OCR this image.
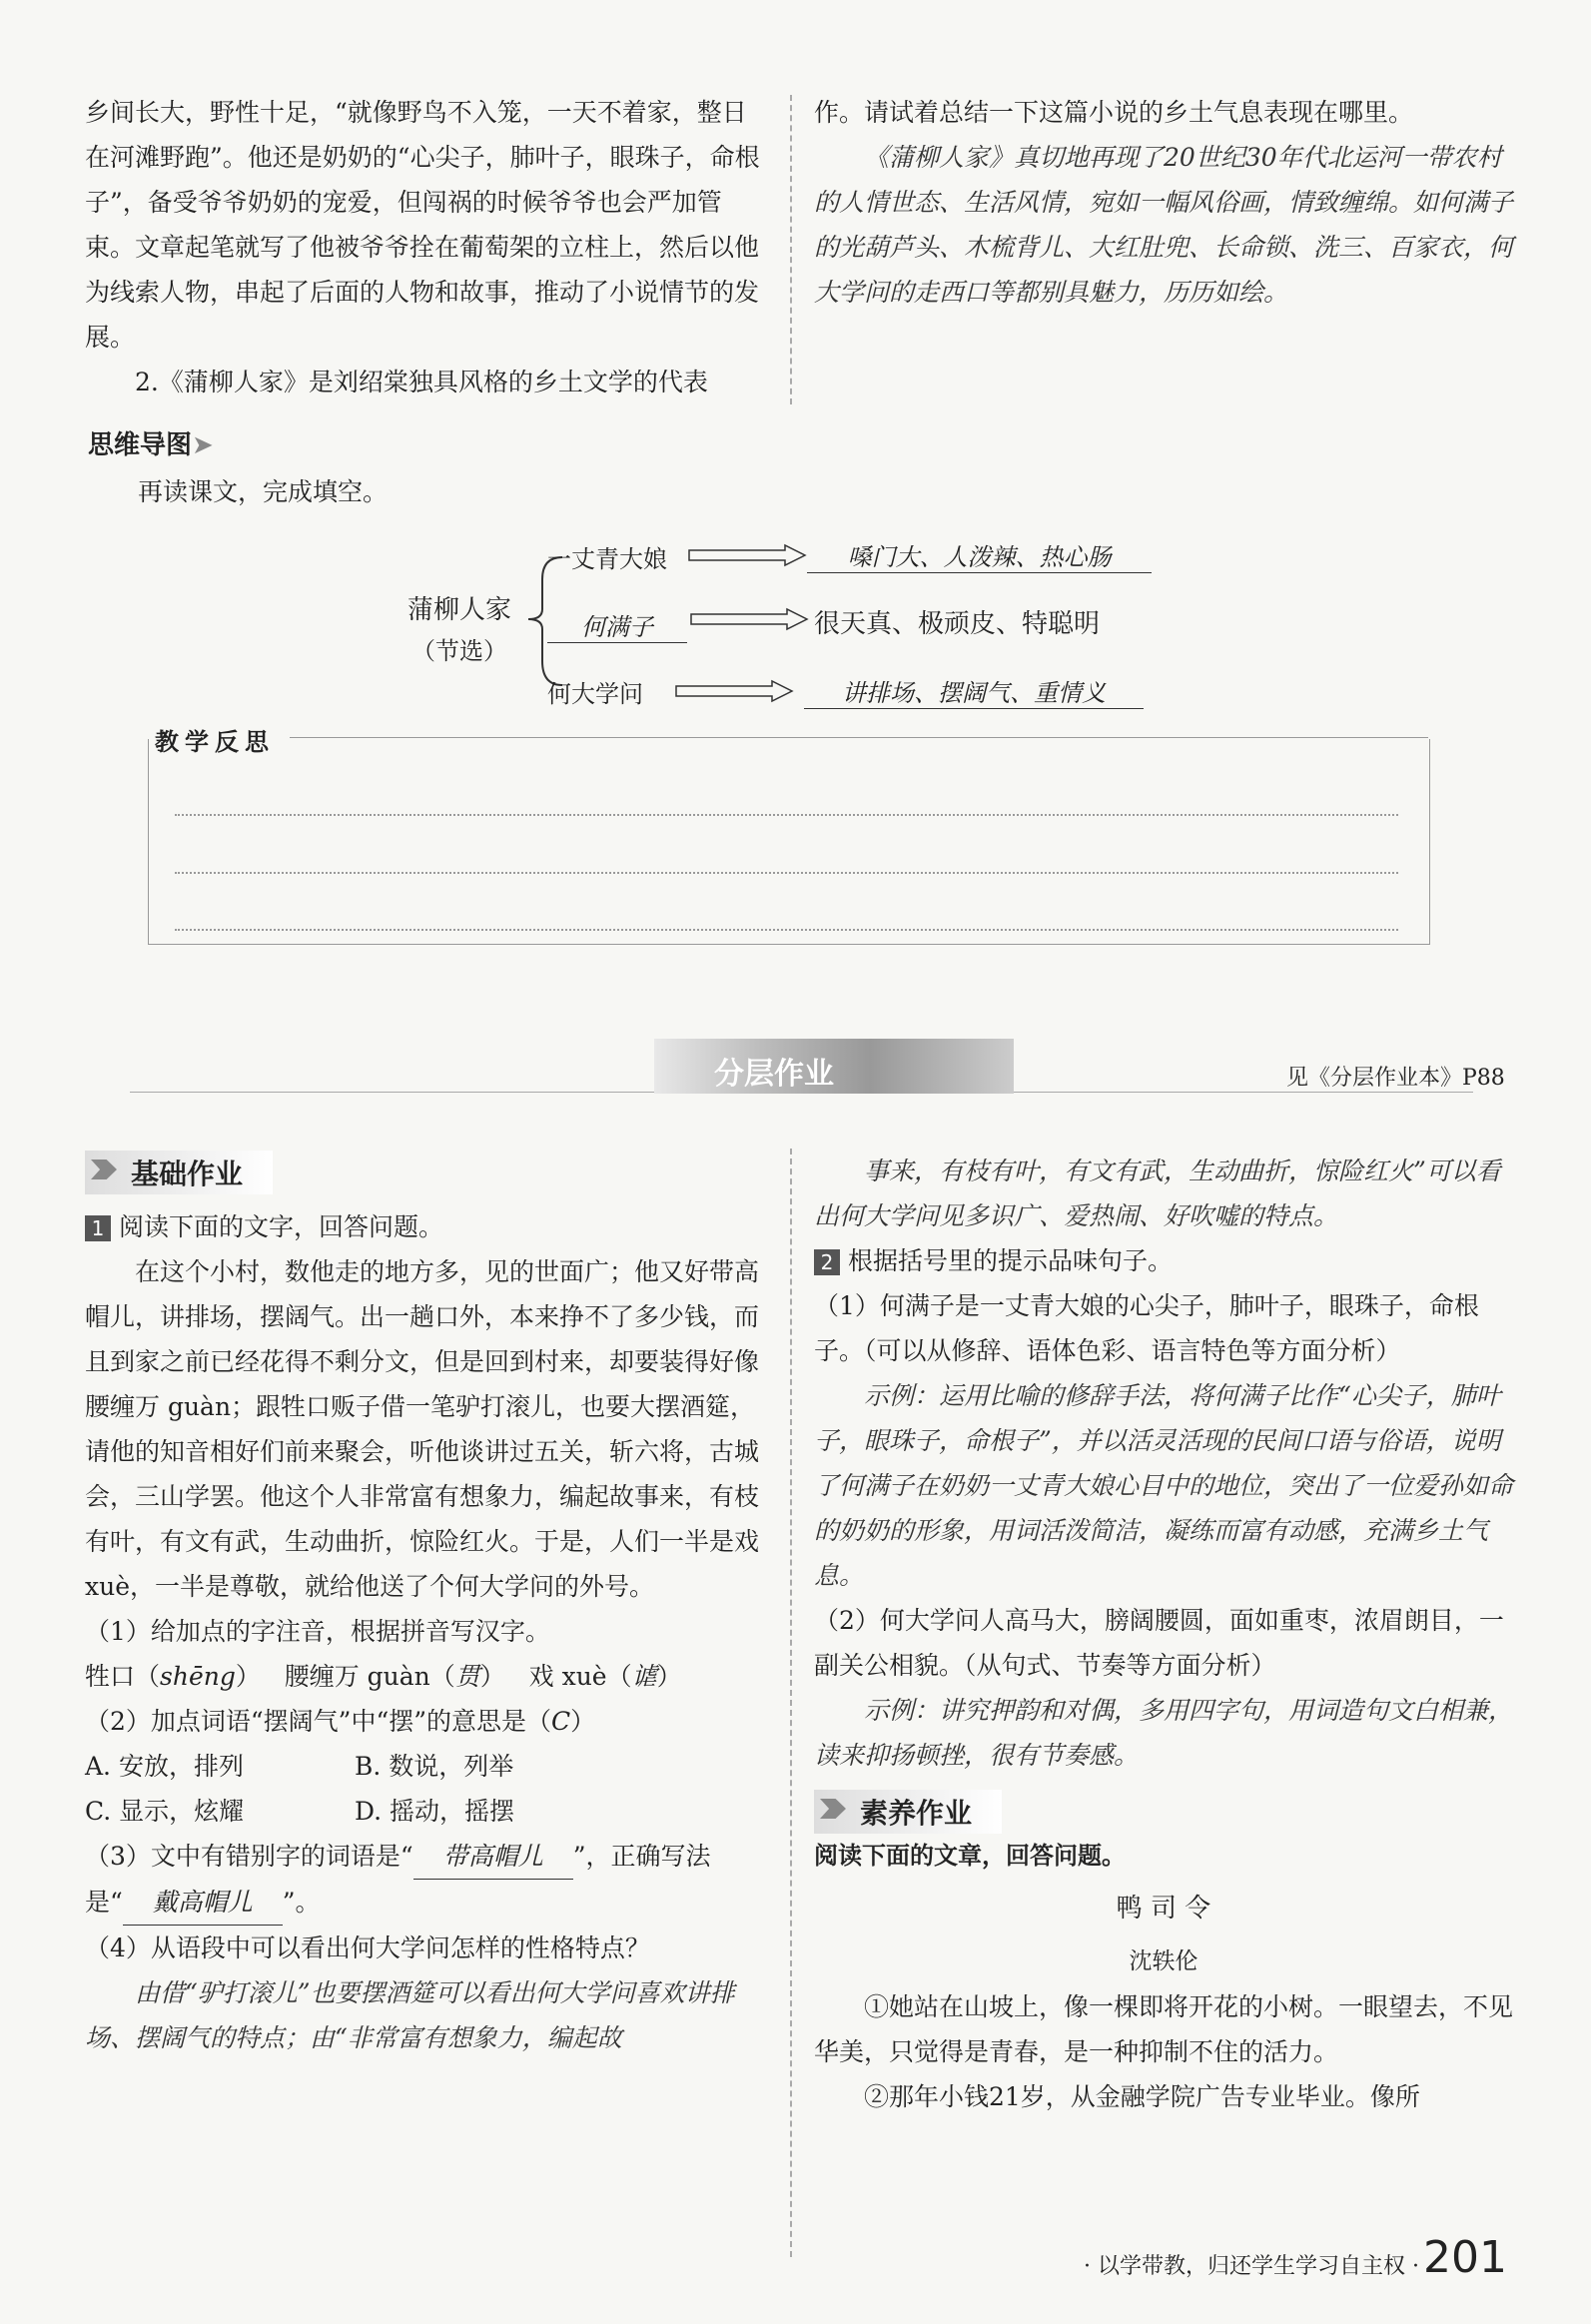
乡间长大，野性十足，“就像野鸟不入笼，一天不着家，整日在河滩野跑”。他还是奶奶的“心尖子，肺叶子，眼珠子，命根子”，备受爷爷奶奶的宠爱，但闯祸的时候爷爷也会严加管束。文章起笔就写了他被爷爷拴在葡萄架的立柱上，然后以他为线索人物，串起了后面的人物和故事，推动了小说情节的发展。

2.《蒲柳人家》是刘绍棠独具风格的乡土文学的代表

作。请试着总结一下这篇小说的乡土气息表现在哪里。

《蒲柳人家》真切地再现了20世纪30年代北运河一带农村的人情世态、生活风情，宛如一幅风俗画，情致缠绵。如何满子的光葫芦头、木梳背儿、大红肚兜、长命锁、洗三、百家衣，何大学问的走西口等都别具魅力，历历如绘。

思维导图➤
再读课文，完成填空。
蒲柳人家
（节选）
一丈青大娘	嗓门大、人泼辣、热心肠
何满子	很天真、极顽皮、特聪明
何大学问	讲排场、摆阔气、重情义
教学反思
分层作业	见《分层作业本》P88
基础作业

1 阅读下面的文字，回答问题。

在这个小村，数他走的地方多，见的世面广；他又好带高帽儿，讲排场，摆阔气。出一趟口外，本来挣不了多少钱，而且到家之前已经花得不剩分文，但是回到村来，却要装得好像腰缠万 guàn；跟牲口贩子借一笔驴打滚儿，也要大摆酒筵，请他的知音相好们前来聚会，听他谈讲过五关，斩六将，古城会，三山学罢。他这个人非常富有想象力，编起故事来，有枝有叶，有文有武，生动曲折，惊险红火。于是，人们一半是戏 xuè，一半是尊敬，就给他送了个何大学问的外号。

（1）给加点的字注音，根据拼音写汉字。

牲口（shēng） 腰缠万 guàn（贯） 戏 xuè（谑）

（2）加点词语“摆阔气”中“摆”的意思是（C）

A. 安放，排列	B. 数说，列举

C. 显示，炫耀	D. 摇动，摇摆

（3）文中有错别字的词语是“ 带高帽儿 ”，正确写法
是“ 戴高帽儿 ”。

（4）从语段中可以看出何大学问怎样的性格特点？

由借“驴打滚儿”也要摆酒筵可以看出何大学问喜欢讲排场、摆阔气的特点；由“非常富有想象力，编起故

事来，有枝有叶，有文有武，生动曲折，惊险红火”可以看出何大学问见多识广、爱热闹、好吹嘘的特点。

2 根据括号里的提示品味句子。

（1）何满子是一丈青大娘的心尖子，肺叶子，眼珠子，命根子。（可以从修辞、语体色彩、语言特色等方面分析）

示例：运用比喻的修辞手法，将何满子比作“心尖子，肺叶子，眼珠子，命根子”，并以活灵活现的民间口语与俗语，说明了何满子在奶奶一丈青大娘心目中的地位，突出了一位爱孙如命的奶奶的形象，用词活泼简洁，凝练而富有动感，充满乡土气息。

（2）何大学问人高马大，膀阔腰圆，面如重枣，浓眉朗目，一副关公相貌。（从句式、节奏等方面分析）

示例：讲究押韵和对偶，多用四字句，用词造句文白相兼，读来抑扬顿挫，很有节奏感。

素养作业

阅读下面的文章，回答问题。

鸭 司 令

沈轶伦

①她站在山坡上，像一棵即将开花的小树。一眼望去，不见华美，只觉得是青春，是一种抑制不住的活力。

②那年小钱21岁，从金融学院广告专业毕业。像所

· 以学带教，归还学生学习自主权 · 201
